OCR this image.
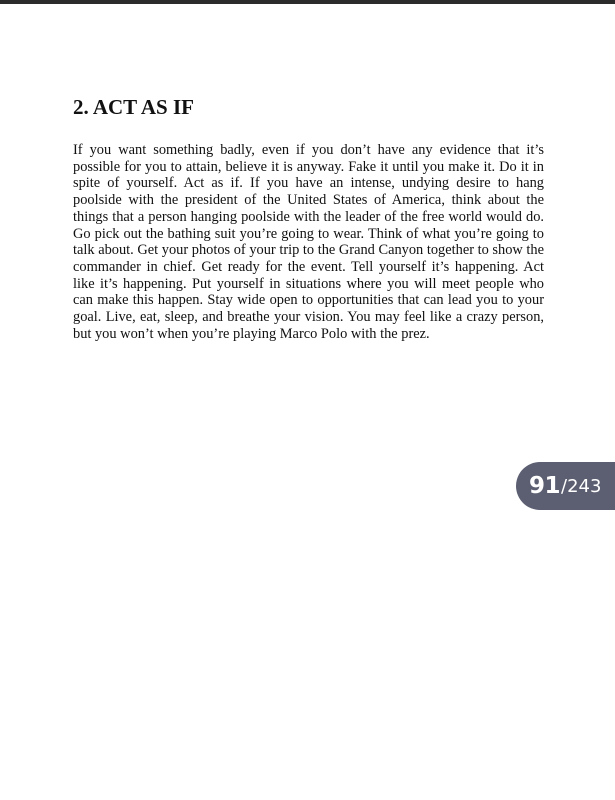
2. ACT AS IF

If you want something badly, even if you don’t have any evidence that it’s possible for you to attain, believe it is anyway. Fake it until you make it. Do it in spite of yourself. Act as if. If you have an intense, undying desire to hang poolside with the president of the United States of America, think about the things that a person hanging poolside with the leader of the free world would do. Go pick out the bathing suit you’re going to wear. Think of what you’re going to talk about. Get your photos of your trip to the Grand Canyon together to show the commander in chief. Get ready for the event. Tell yourself it’s happening. Act like it’s happening. Put yourself in situations where you will meet people who can make this happen. Stay wide open to opportunities that can lead you to your goal. Live, eat, sleep, and breathe your vision. You may feel like a crazy person, but you won’t when you’re playing Marco Polo with the prez.

91 / 243
